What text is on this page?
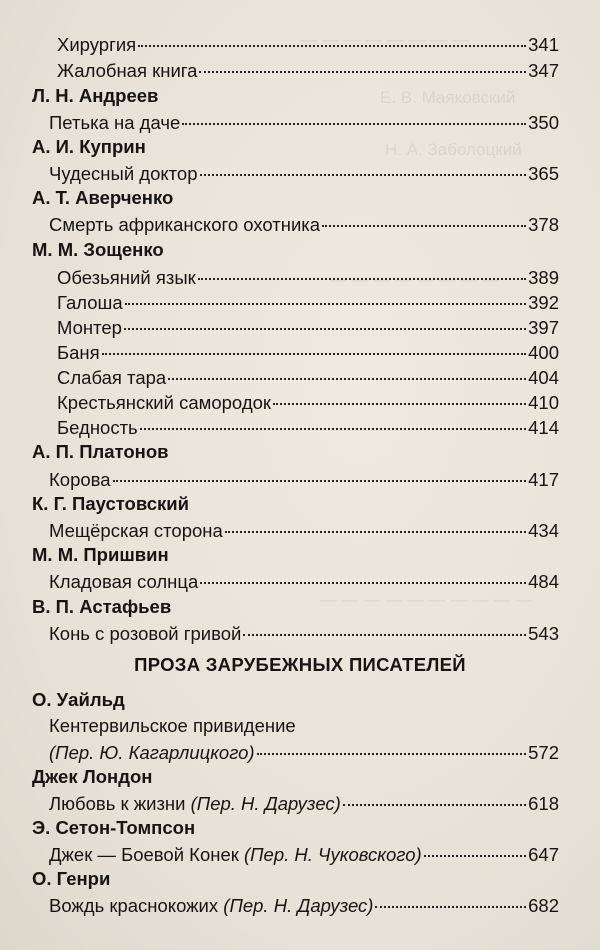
— — — — — — — —
Е. В. Маяковский
Н. А. Заболоцкий
— — — — — — — —
— — — — — — — — — —
Хирургия	341
Жалобная книга	347
Л. Н. Андреев
Петька на даче	350
А. И. Куприн
Чудесный доктор	365
А. Т. Аверченко
Смерть африканского охотника	378
М. М. Зощенко
Обезьяний язык	389
Галоша	392
Монтер	397
Баня	400
Слабая тара	404
Крестьянский самородок	410
Бедность	414
А. П. Платонов
Корова	417
К. Г. Паустовский
Мещёрская сторона	434
М. М. Пришвин
Кладовая солнца	484
В. П. Астафьев
Конь с розовой гривой	543
ПРОЗА ЗАРУБЕЖНЫХ ПИСАТЕЛЕЙ
О. Уайльд
Кентервильское привидение
(Пер. Ю. Кагарлицкого)	572
Джек Лондон
Любовь к жизни (Пер. Н. Дарузес)	618
Э. Сетон-Томпсон
Джек — Боевой Конек (Пер. Н. Чуковского)	647
О. Генри
Вождь краснокожих (Пер. Н. Дарузес)	682
